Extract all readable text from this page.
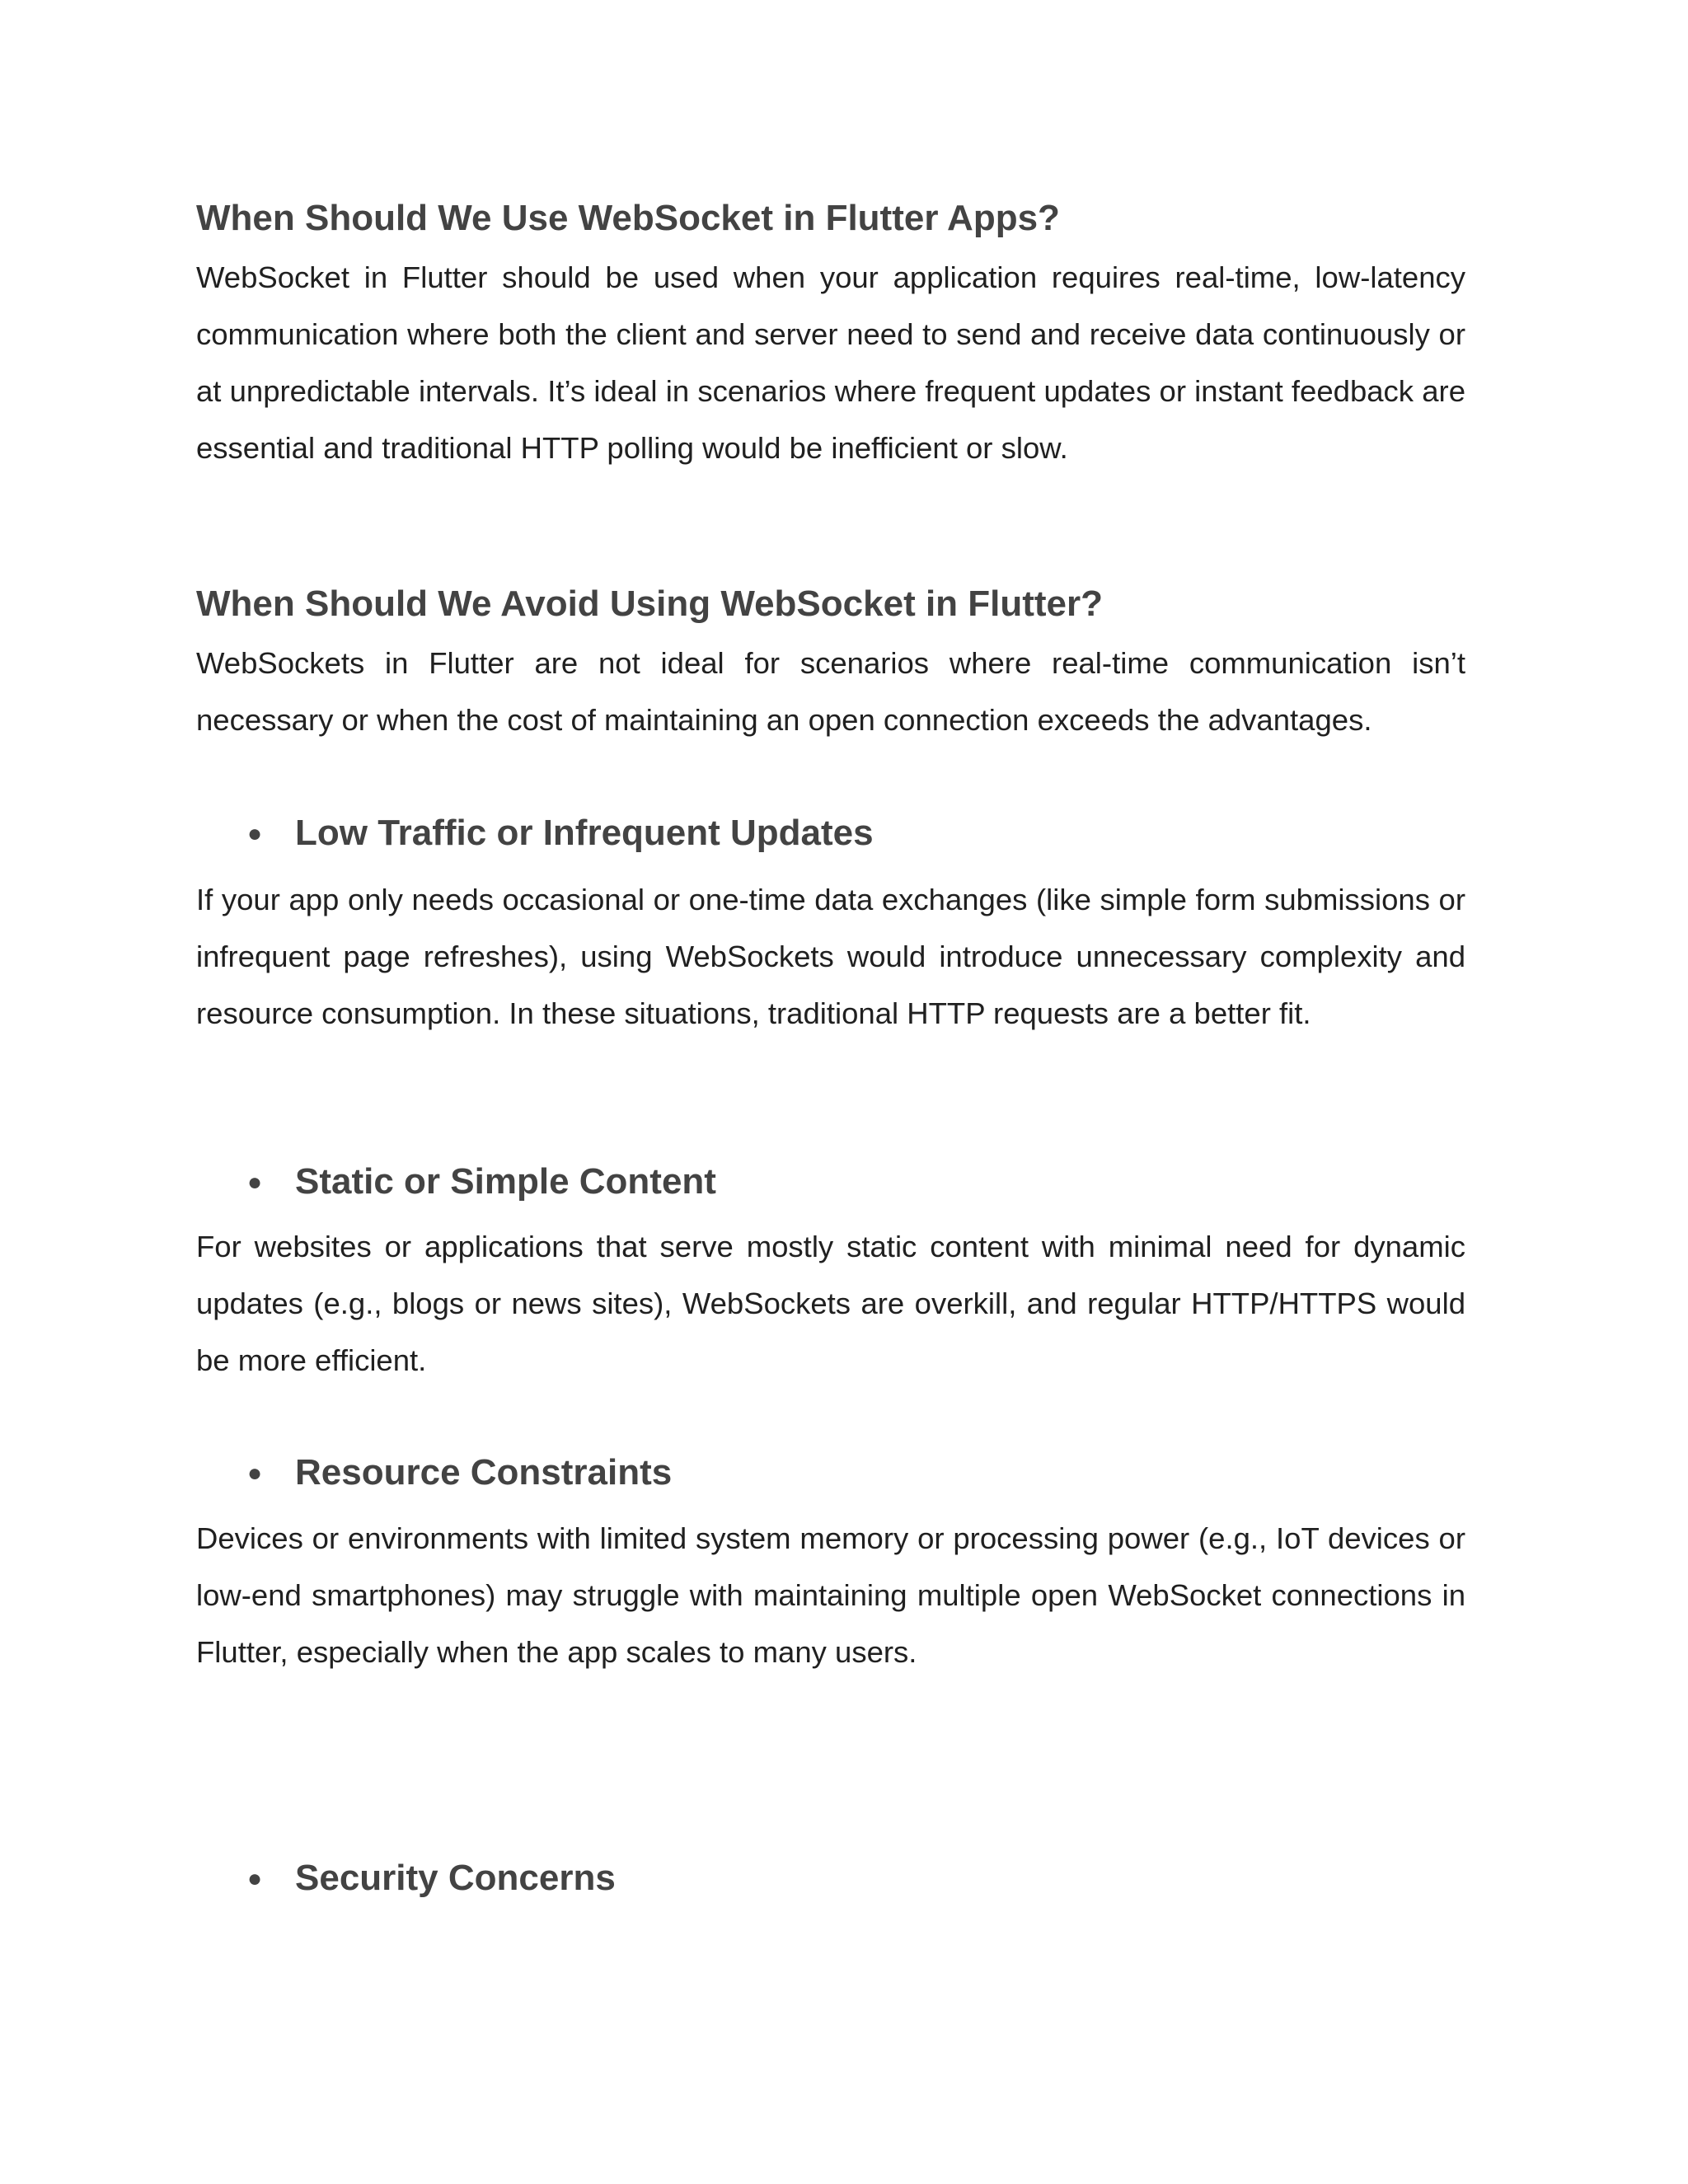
When Should We Use WebSocket in Flutter Apps?

WebSocket in Flutter should be used when your application requires real-time, low-latency communication where both the client and server need to send and receive data continuously or at unpredictable intervals. It’s ideal in scenarios where frequent updates or instant feedback are essential and traditional HTTP polling would be inefficient or slow.

When Should We Avoid Using WebSocket in Flutter?

WebSockets in Flutter are not ideal for scenarios where real-time communication isn’t necessary or when the cost of maintaining an open connection exceeds the advantages.

● Low Traffic or Infrequent Updates

If your app only needs occasional or one-time data exchanges (like simple form submissions or infrequent page refreshes), using WebSockets would introduce unnecessary complexity and resource consumption. In these situations, traditional HTTP requests are a better fit.

● Static or Simple Content

For websites or applications that serve mostly static content with minimal need for dynamic updates (e.g., blogs or news sites), WebSockets are overkill, and regular HTTP/HTTPS would be more efficient.

● Resource Constraints

Devices or environments with limited system memory or processing power (e.g., IoT devices or low-end smartphones) may struggle with maintaining multiple open WebSocket connections in Flutter, especially when the app scales to many users.

● Security Concerns
